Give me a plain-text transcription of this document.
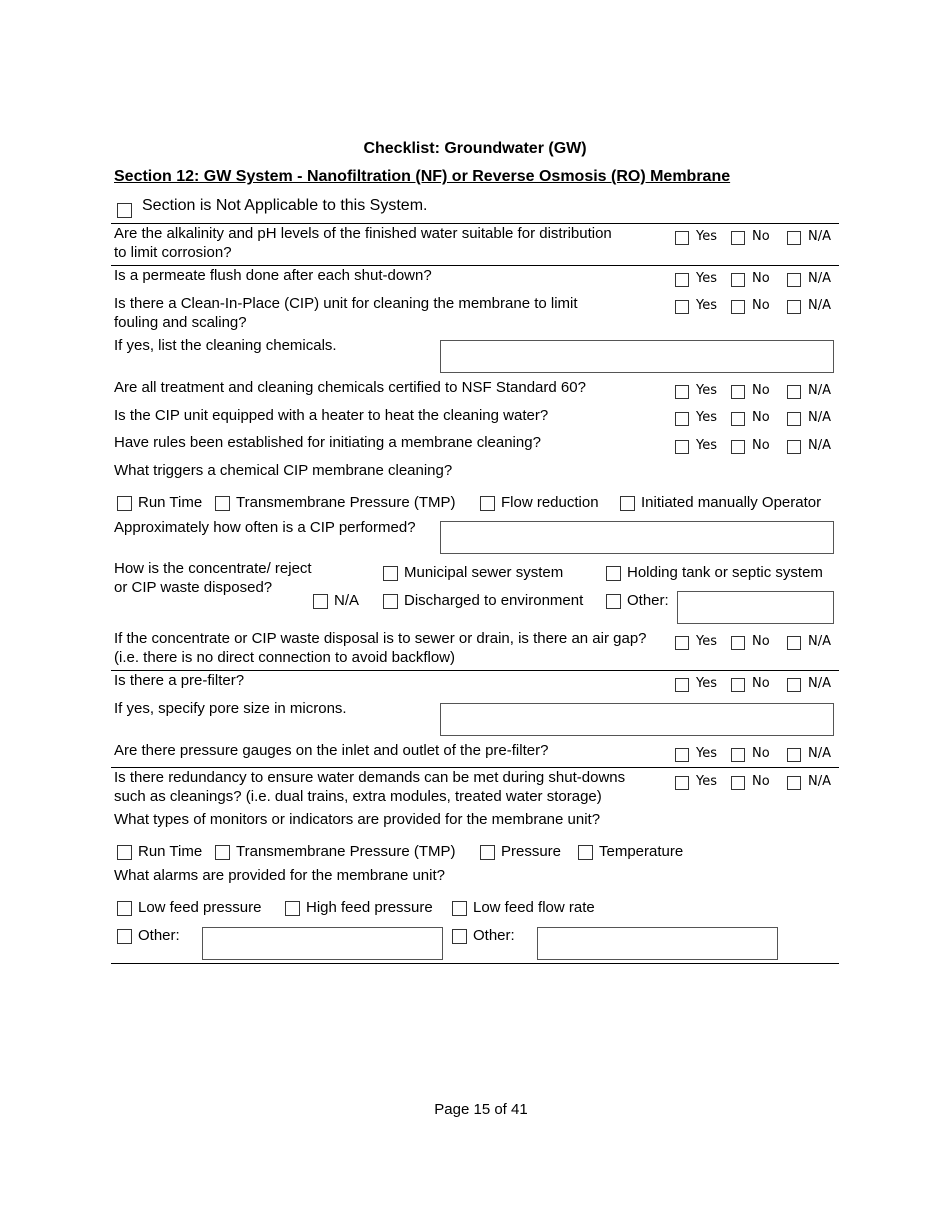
Checklist: Groundwater (GW)
Section 12: GW System - Nanofiltration (NF) or Reverse Osmosis (RO) Membrane
Section is Not Applicable to this System.
Are the alkalinity and pH levels of the finished water suitable for distribution
to limit corrosion?
Yes	No	N/A
Is a permeate flush done after each shut-down?	Yes	No	N/A
Is there a Clean-In-Place (CIP) unit for cleaning the membrane to limit
fouling and scaling?
Yes	No	N/A
If yes, list the cleaning chemicals.
Are all treatment and cleaning chemicals certified to NSF Standard 60?	Yes	No	N/A
Is the CIP unit equipped with a heater to heat the cleaning water?	Yes	No	N/A
Have rules been established for initiating a membrane cleaning?	Yes	No	N/A
What triggers a chemical CIP membrane cleaning?
Run Time Transmembrane Pressure (TMP)	Flow reduction	Initiated manually Operator
Approximately how often is a CIP performed?
How is the concentrate/ reject
or CIP waste disposed?
Municipal sewer system	Holding tank or septic system
N/A	Discharged to environment	Other:
If the concentrate or CIP waste disposal is to sewer or drain, is there an air gap?
(i.e. there is no direct connection to avoid backflow)
Yes	No	N/A
Is there a pre-filter?	Yes	No	N/A
If yes, specify pore size in microns.
Are there pressure gauges on the inlet and outlet of the pre-filter?	Yes	No	N/A
Is there redundancy to ensure water demands can be met during shut-downs
such as cleanings? (i.e. dual trains, extra modules, treated water storage)
Yes	No	N/A
What types of monitors or indicators are provided for the membrane unit?
Run Time Transmembrane Pressure (TMP)	Pressure	Temperature
What alarms are provided for the membrane unit?
Low feed pressure	High feed pressure	Low feed flow rate
Other:	Other:
Page 15 of 41
